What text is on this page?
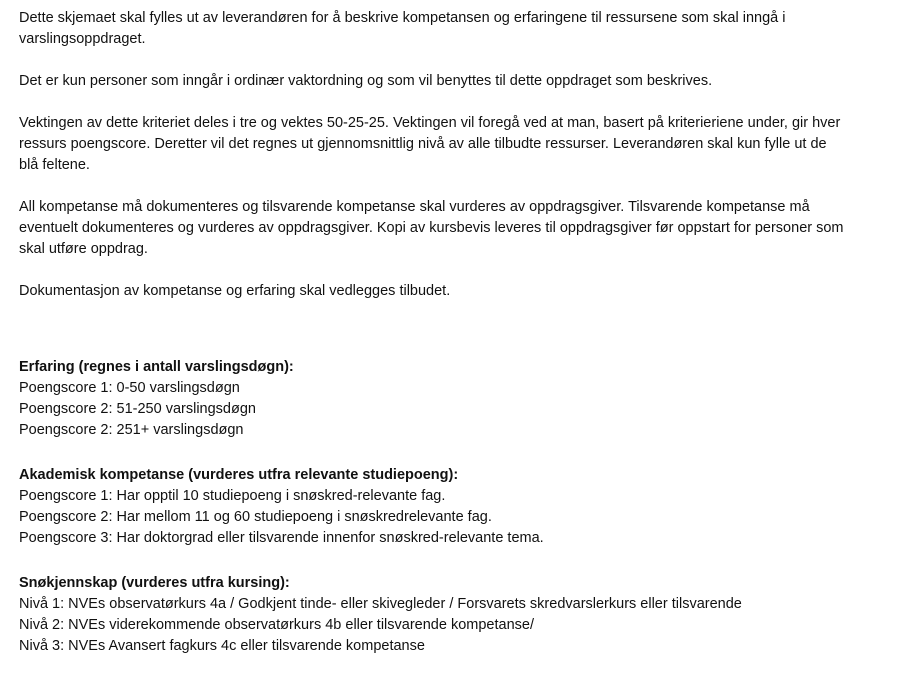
Dette skjemaet skal fylles ut av leverandøren for å beskrive kompetansen og erfaringene til ressursene som skal inngå i varslingsoppdraget.

Det er kun personer som inngår i ordinær vaktordning og som vil benyttes til dette oppdraget som beskrives.

Vektingen av dette kriteriet deles i tre og vektes 50-25-25. Vektingen vil foregå ved at man, basert på kriterieriene under, gir hver ressurs poengscore. Deretter vil det regnes ut gjennomsnittlig nivå av alle tilbudte ressurser. Leverandøren skal kun fylle ut de blå feltene.

All kompetanse må dokumenteres og tilsvarende kompetanse skal vurderes av oppdragsgiver. Tilsvarende kompetanse må eventuelt dokumenteres og vurderes av oppdragsgiver. Kopi av kursbevis leveres til oppdragsgiver før oppstart for personer som skal utføre oppdrag.

Dokumentasjon av kompetanse og erfaring skal vedlegges tilbudet.

Erfaring (regnes i antall varslingsdøgn):

Poengscore 1: 0-50 varslingsdøgn

Poengscore 2: 51-250 varslingsdøgn

Poengscore 2: 251+ varslingsdøgn

Akademisk kompetanse (vurderes utfra relevante studiepoeng):

Poengscore 1: Har opptil 10 studiepoeng i snøskred-relevante fag.

Poengscore 2: Har mellom 11 og 60 studiepoeng i snøskredrelevante fag.

Poengscore 3: Har doktorgrad eller tilsvarende innenfor snøskred-relevante tema.

Snøkjennskap (vurderes utfra kursing):

Nivå 1: NVEs observatørkurs 4a / Godkjent tinde- eller skivegleder / Forsvarets skredvarslerkurs eller tilsvarende

Nivå 2: NVEs viderekommende observatørkurs 4b eller tilsvarende kompetanse/

Nivå 3: NVEs Avansert fagkurs 4c eller tilsvarende kompetanse
